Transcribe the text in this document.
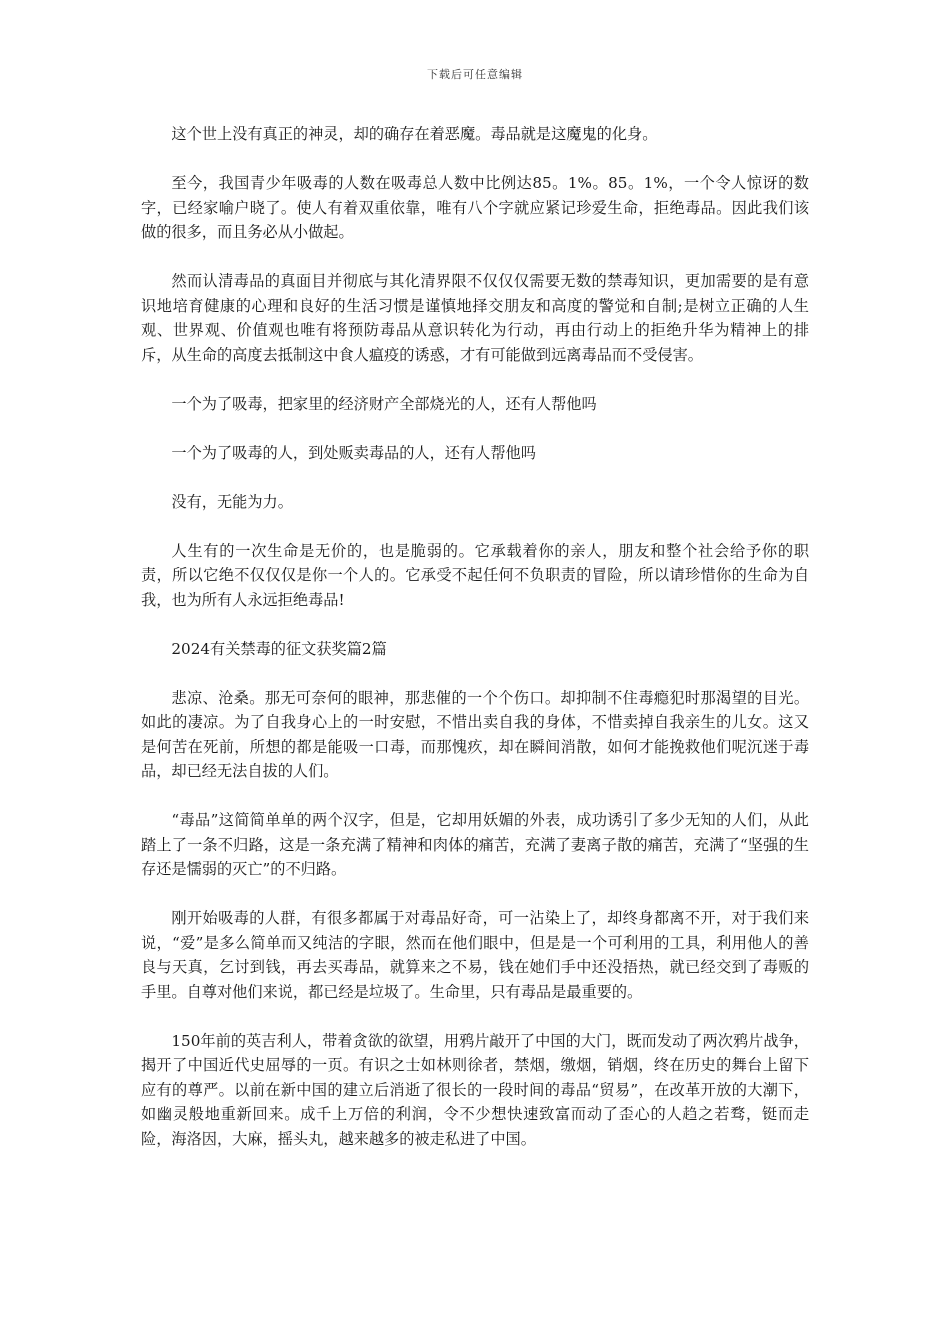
下载后可任意编辑

这个世上没有真正的神灵，却的确存在着恶魔。毒品就是这魔鬼的化身。

至今，我国青少年吸毒的人数在吸毒总人数中比例达85。1%。85。1%，一个令人惊讶的数字，已经家喻户晓了。使人有着双重依靠，唯有八个字就应紧记珍爱生命，拒绝毒品。因此我们该做的很多，而且务必从小做起。

然而认清毒品的真面目并彻底与其化清界限不仅仅仅需要无数的禁毒知识，更加需要的是有意识地培育健康的心理和良好的生活习惯是谨慎地择交朋友和高度的警觉和自制;是树立正确的人生观、世界观、价值观也唯有将预防毒品从意识转化为行动，再由行动上的拒绝升华为精神上的排斥，从生命的高度去抵制这中食人瘟疫的诱惑，才有可能做到远离毒品而不受侵害。

一个为了吸毒，把家里的经济财产全部烧光的人，还有人帮他吗

一个为了吸毒的人，到处贩卖毒品的人，还有人帮他吗

没有，无能为力。

人生有的一次生命是无价的，也是脆弱的。它承载着你的亲人，朋友和整个社会给予你的职责，所以它绝不仅仅仅是你一个人的。它承受不起任何不负职责的冒险，所以请珍惜你的生命为自我，也为所有人永远拒绝毒品!

2024有关禁毒的征文获奖篇2篇

悲凉、沧桑。那无可奈何的眼神，那悲催的一个个伤口。却抑制不住毒瘾犯时那渴望的目光。如此的凄凉。为了自我身心上的一时安慰，不惜出卖自我的身体，不惜卖掉自我亲生的儿女。这又是何苦在死前，所想的都是能吸一口毒，而那愧疚，却在瞬间消散，如何才能挽救他们呢沉迷于毒品，却已经无法自拔的人们。

“毒品”这简简单单的两个汉字，但是，它却用妖媚的外表，成功诱引了多少无知的人们，从此踏上了一条不归路，这是一条充满了精神和肉体的痛苦，充满了妻离子散的痛苦，充满了“坚强的生存还是懦弱的灭亡”的不归路。

刚开始吸毒的人群，有很多都属于对毒品好奇，可一沾染上了，却终身都离不开，对于我们来说，“爱”是多么简单而又纯洁的字眼，然而在他们眼中，但是是一个可利用的工具，利用他人的善良与天真，乞讨到钱，再去买毒品，就算来之不易，钱在她们手中还没捂热，就已经交到了毒贩的手里。自尊对他们来说，都已经是垃圾了。生命里，只有毒品是最重要的。

150年前的英吉利人，带着贪欲的欲望，用鸦片敲开了中国的大门，既而发动了两次鸦片战争，揭开了中国近代史屈辱的一页。有识之士如林则徐者，禁烟，缴烟，销烟，终在历史的舞台上留下应有的尊严。以前在新中国的建立后消逝了很长的一段时间的毒品“贸易”，在改革开放的大潮下，如幽灵般地重新回来。成千上万倍的利润，令不少想快速致富而动了歪心的人趋之若骛，铤而走险，海洛因，大麻，摇头丸，越来越多的被走私进了中国。
